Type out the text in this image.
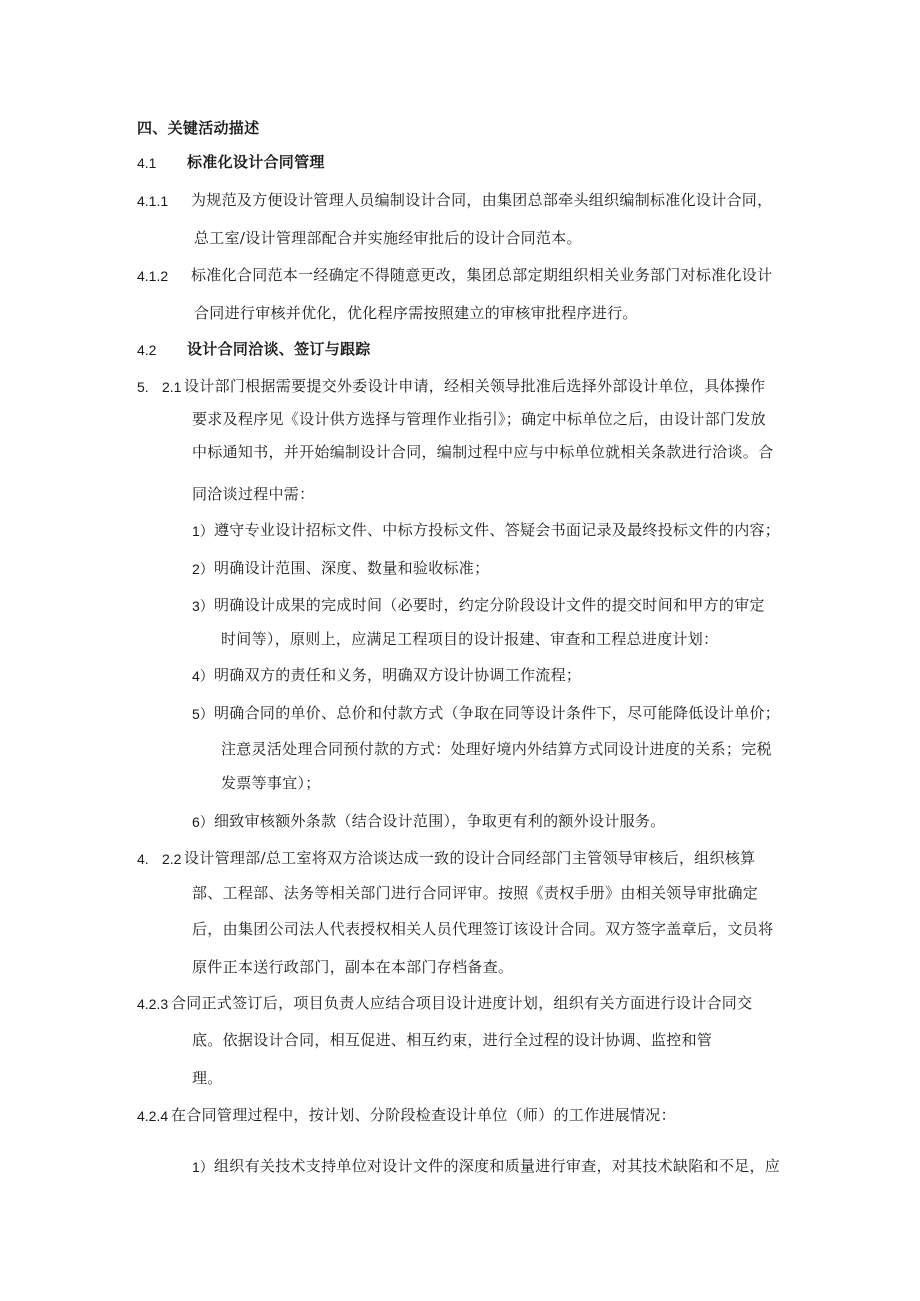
四、关键活动描述
4.1 标准化设计合同管理
4.1.1 为规范及方便设计管理人员编制设计合同，由集团总部牵头组织编制标准化设计合同，
总工室/设计管理部配合并实施经审批后的设计合同范本。
4.1.2 标准化合同范本一经确定不得随意更改，集团总部定期组织相关业务部门对标准化设计
合同进行审核并优化，优化程序需按照建立的审核审批程序进行。
4.2 设计合同洽谈、签订与跟踪
5. 2.1 设计部门根据需要提交外委设计申请，经相关领导批准后选择外部设计单位，具体操作
要求及程序见《设计供方选择与管理作业指引》；确定中标单位之后，由设计部门发放
中标通知书，并开始编制设计合同，编制过程中应与中标单位就相关条款进行洽谈。合
同洽谈过程中需：
1） 遵守专业设计招标文件、中标方投标文件、答疑会书面记录及最终投标文件的内容；
2） 明确设计范围、深度、数量和验收标准；
3） 明确设计成果的完成时间（必要时，约定分阶段设计文件的提交时间和甲方的审定
时间等），原则上，应满足工程项目的设计报建、审查和工程总进度计划：
4） 明确双方的责任和义务，明确双方设计协调工作流程；
5） 明确合同的单价、总价和付款方式（争取在同等设计条件下，尽可能降低设计单价；
注意灵活处理合同预付款的方式：处理好境内外结算方式同设计进度的关系；完税
发票等事宜）；
6） 细致审核额外条款（结合设计范围），争取更有利的额外设计服务。
4. 2.2 设计管理部/总工室将双方洽谈达成一致的设计合同经部门主管领导审核后，组织核算
部、工程部、法务等相关部门进行合同评审。按照《责权手册》由相关领导审批确定
后，由集团公司法人代表授权相关人员代理签订该设计合同。双方签字盖章后，文员将
原件正本送行政部门，副本在本部门存档备查。
4.2.3 合同正式签订后，项目负责人应结合项目设计进度计划，组织有关方面进行设计合同交
底。依据设计合同，相互促进、相互约束，进行全过程的设计协调、监控和管
理。
4.2.4 在合同管理过程中，按计划、分阶段检查设计单位（师）的工作进展情况：
1） 组织有关技术支持单位对设计文件的深度和质量进行审查，对其技术缺陷和不足，应
